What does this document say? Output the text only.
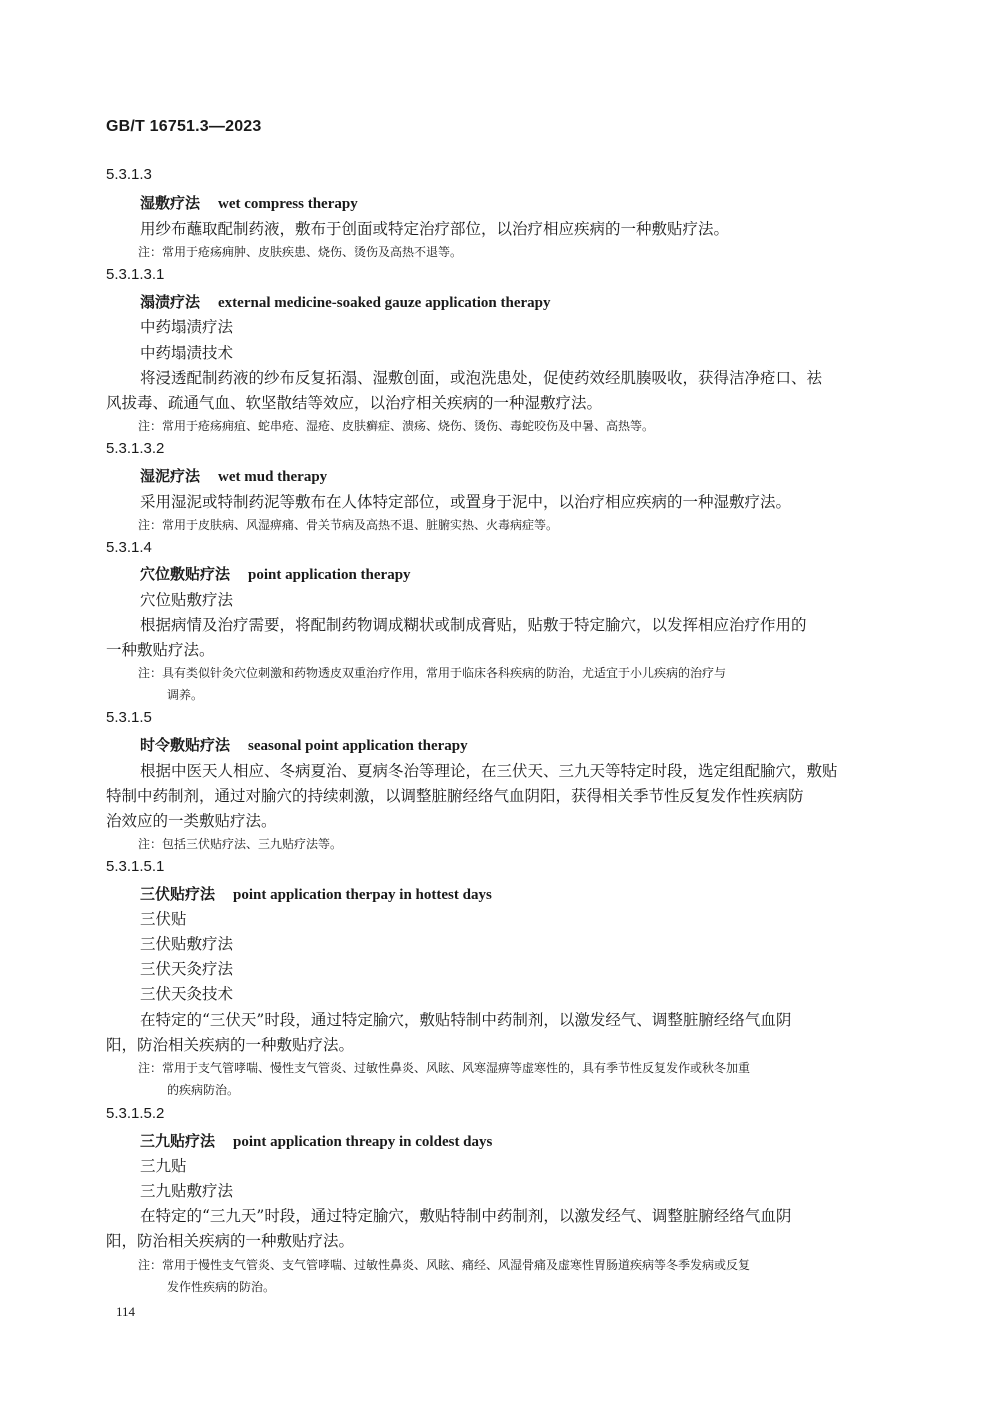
GB/T 16751.3—2023
5.3.1.3
湿敷疗法 wet compress therapy
用纱布蘸取配制药液，敷布于创面或特定治疗部位，以治疗相应疾病的一种敷贴疗法。
注：常用于疮疡痈肿、皮肤疾患、烧伤、烫伤及高热不退等。
5.3.1.3.1
溻渍疗法 external medicine-soaked gauze application therapy
中药塌渍疗法
中药塌渍技术
将浸透配制药液的纱布反复拓溻、湿敷创面，或泡洗患处，促使药效经肌腠吸收，获得洁净疮口、祛
风拔毒、疏通气血、软坚散结等效应，以治疗相关疾病的一种湿敷疗法。
注：常用于疮疡痈疽、蛇串疮、湿疮、皮肤癣症、溃疡、烧伤、烫伤、毒蛇咬伤及中暑、高热等。
5.3.1.3.2
湿泥疗法 wet mud therapy
采用湿泥或特制药泥等敷布在人体特定部位，或置身于泥中，以治疗相应疾病的一种湿敷疗法。
注：常用于皮肤病、风湿痹痛、骨关节病及高热不退、脏腑实热、火毒病症等。
5.3.1.4
穴位敷贴疗法 point application therapy
穴位贴敷疗法
根据病情及治疗需要，将配制药物调成糊状或制成膏贴，贴敷于特定腧穴，以发挥相应治疗作用的
一种敷贴疗法。
注：具有类似针灸穴位刺激和药物透皮双重治疗作用，常用于临床各科疾病的防治，尤适宜于小儿疾病的治疗与
调养。
5.3.1.5
时令敷贴疗法 seasonal point application therapy
根据中医天人相应、冬病夏治、夏病冬治等理论，在三伏天、三九天等特定时段，选定组配腧穴，敷贴
特制中药制剂，通过对腧穴的持续刺激，以调整脏腑经络气血阴阳，获得相关季节性反复发作性疾病防
治效应的一类敷贴疗法。
注：包括三伏贴疗法、三九贴疗法等。
5.3.1.5.1
三伏贴疗法 point application therpay in hottest days
三伏贴
三伏贴敷疗法
三伏天灸疗法
三伏天灸技术
在特定的“三伏天”时段，通过特定腧穴，敷贴特制中药制剂，以激发经气、调整脏腑经络气血阴
阳，防治相关疾病的一种敷贴疗法。
注：常用于支气管哮喘、慢性支气管炎、过敏性鼻炎、风眩、风寒湿痹等虚寒性的，具有季节性反复发作或秋冬加重
的疾病防治。
5.3.1.5.2
三九贴疗法 point application threapy in coldest days
三九贴
三九贴敷疗法
在特定的“三九天”时段，通过特定腧穴，敷贴特制中药制剂，以激发经气、调整脏腑经络气血阴
阳，防治相关疾病的一种敷贴疗法。
注：常用于慢性支气管炎、支气管哮喘、过敏性鼻炎、风眩、痛经、风湿骨痛及虚寒性胃肠道疾病等冬季发病或反复
发作性疾病的防治。
114
